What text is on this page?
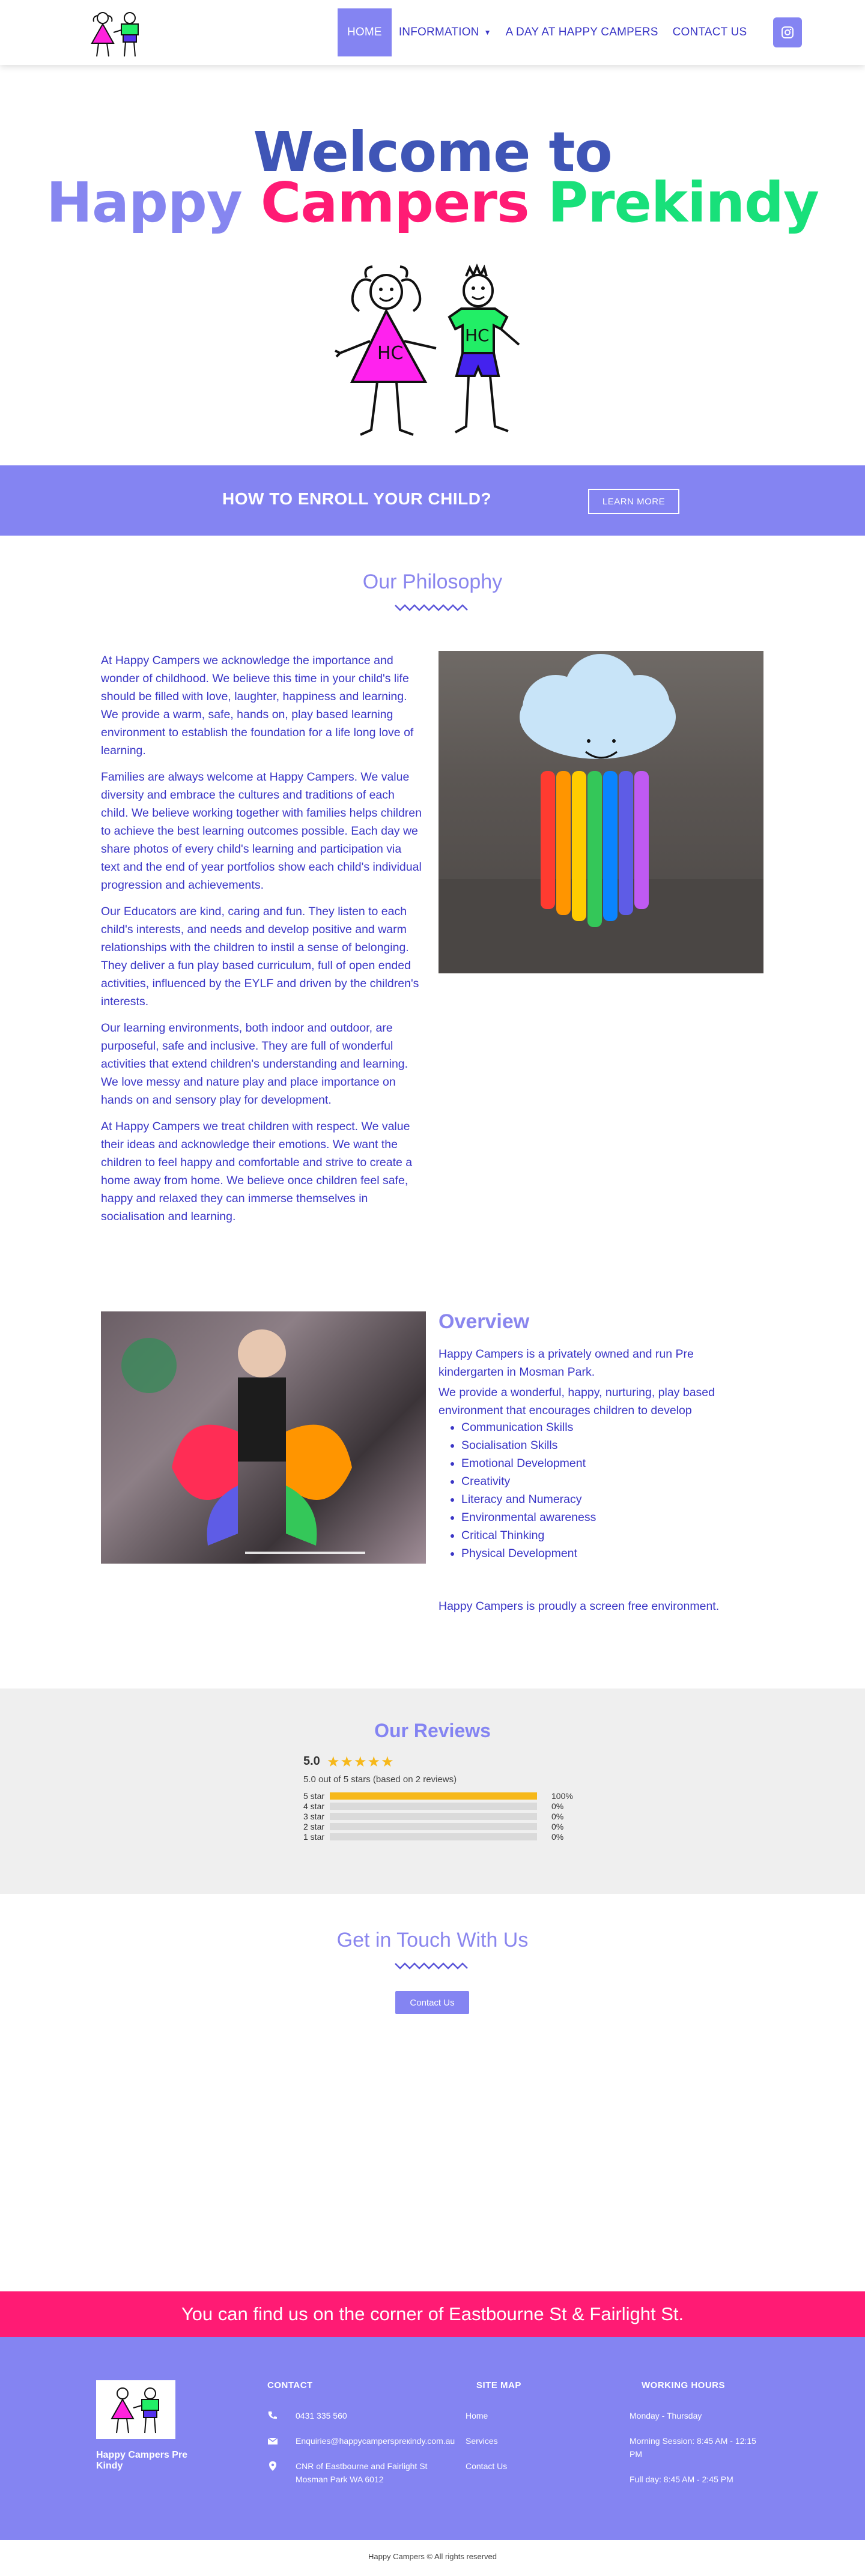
HOME INFORMATION ▼ A DAY AT HAPPY CAMPERS CONTACT US
Welcome to
Happy Campers Prekindy
HC
HC
HOW TO ENROLL YOUR CHILD?	LEARN MORE
Our Philosophy

At Happy Campers we acknowledge the importance and wonder of childhood. We believe this time in your child's life should be filled with love, laughter, happiness and learning. We provide a warm, safe, hands on, play based learning environment to establish the foundation for a life long love of learning.

Families are always welcome at Happy Campers. We value diversity and embrace the cultures and traditions of each child. We believe working together with families helps children to achieve the best learning outcomes possible. Each day we share photos of every child's learning and participation via text and the end of year portfolios show each child's individual progression and achievements.

Our Educators are kind, caring and fun. They listen to each child's interests, and needs and develop positive and warm relationships with the children to instil a sense of belonging. They deliver a fun play based curriculum, full of open ended activities, influenced by the EYLF and driven by the children's interests.

Our learning environments, both indoor and outdoor, are purposeful, safe and inclusive. They are full of wonderful activities that extend children's understanding and learning. We love messy and nature play and place importance on hands on and sensory play for development.

At Happy Campers we treat children with respect. We value their ideas and acknowledge their emotions. We want the children to feel happy and comfortable and strive to create a home away from home. We believe once children feel safe, happy and relaxed they can immerse themselves in socialisation and learning.

Overview

Happy Campers is a privately owned and run Pre kindergarten in Mosman Park.

We provide a wonderful, happy, nurturing, play based environment that encourages children to develop

• Communication Skills
• Socialisation Skills
• Emotional Development
• Creativity
• Literacy and Numeracy
• Environmental awareness
• Critical Thinking
• Physical Development

Happy Campers is proudly a screen free environment.

Our Reviews
5.0 ★★★★★
5.0 out of 5 stars (based on 2 reviews)
5 star	100%
4 star	0%
3 star	0%
2 star	0%
1 star	0%
Get in Touch With Us
Contact Us
You can find us on the corner of Eastbourne St & Fairlight St.
Happy Campers Pre Kindy
CONTACT
0431 335 560
Enquiries@happycamperspreкindy.com.au
CNR of Eastbourne and Fairlight St Mosman Park WA 6012
SITE MAP
Home
Services
Contact Us
WORKING HOURS
Monday - Thursday
Morning Session: 8:45 AM - 12:15 PM
Full day: 8:45 AM - 2:45 PM
Happy Campers © All rights reserved
